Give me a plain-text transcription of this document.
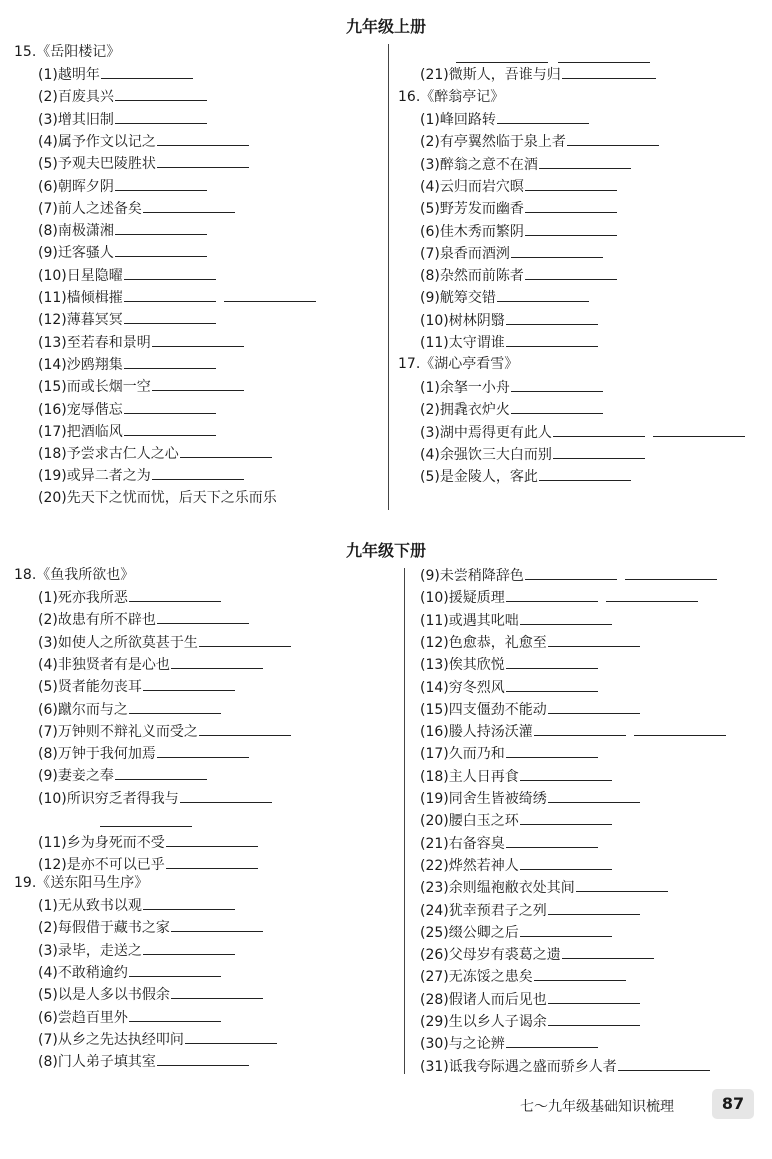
九年级上册
15.《岳阳楼记》
(1)越明年
(2)百废具兴
(3)增其旧制
(4)属予作文以记之
(5)予观夫巴陵胜状
(6)朝晖夕阴
(7)前人之述备矣
(8)南极潇湘
(9)迁客骚人
(10)日星隐曜
(11)樯倾楫摧
(12)薄暮冥冥
(13)至若春和景明
(14)沙鸥翔集
(15)而或长烟一空
(16)宠辱偕忘
(17)把酒临风
(18)予尝求古仁人之心
(19)或异二者之为
(20)先天下之忧而忧，后天下之乐而乐
(21)微斯人，吾谁与归
16.《醉翁亭记》
(1)峰回路转
(2)有亭翼然临于泉上者
(3)醉翁之意不在酒
(4)云归而岩穴暝
(5)野芳发而幽香
(6)佳木秀而繁阴
(7)泉香而酒洌
(8)杂然而前陈者
(9)觥筹交错
(10)树林阴翳
(11)太守谓谁
17.《湖心亭看雪》
(1)余拏一小舟
(2)拥毳衣炉火
(3)湖中焉得更有此人
(4)余强饮三大白而别
(5)是金陵人，客此
九年级下册
18.《鱼我所欲也》
(1)死亦我所恶
(2)故患有所不辟也
(3)如使人之所欲莫甚于生
(4)非独贤者有是心也
(5)贤者能勿丧耳
(6)蹴尔而与之
(7)万钟则不辩礼义而受之
(8)万钟于我何加焉
(9)妻妾之奉
(10)所识穷乏者得我与
(11)乡为身死而不受
(12)是亦不可以已乎
19.《送东阳马生序》
(1)无从致书以观
(2)每假借于藏书之家
(3)录毕，走送之
(4)不敢稍逾约
(5)以是人多以书假余
(6)尝趋百里外
(7)从乡之先达执经叩问
(8)门人弟子填其室
(9)未尝稍降辞色
(10)援疑质理
(11)或遇其叱咄
(12)色愈恭，礼愈至
(13)俟其欣悦
(14)穷冬烈风
(15)四支僵劲不能动
(16)媵人持汤沃灌
(17)久而乃和
(18)主人日再食
(19)同舍生皆被绮绣
(20)腰白玉之环
(21)右备容臭
(22)烨然若神人
(23)余则缊袍敝衣处其间
(24)犹幸预君子之列
(25)缀公卿之后
(26)父母岁有裘葛之遗
(27)无冻馁之患矣
(28)假诸人而后见也
(29)生以乡人子谒余
(30)与之论辨
(31)诋我夸际遇之盛而骄乡人者
七～九年级基础知识梳理	87
